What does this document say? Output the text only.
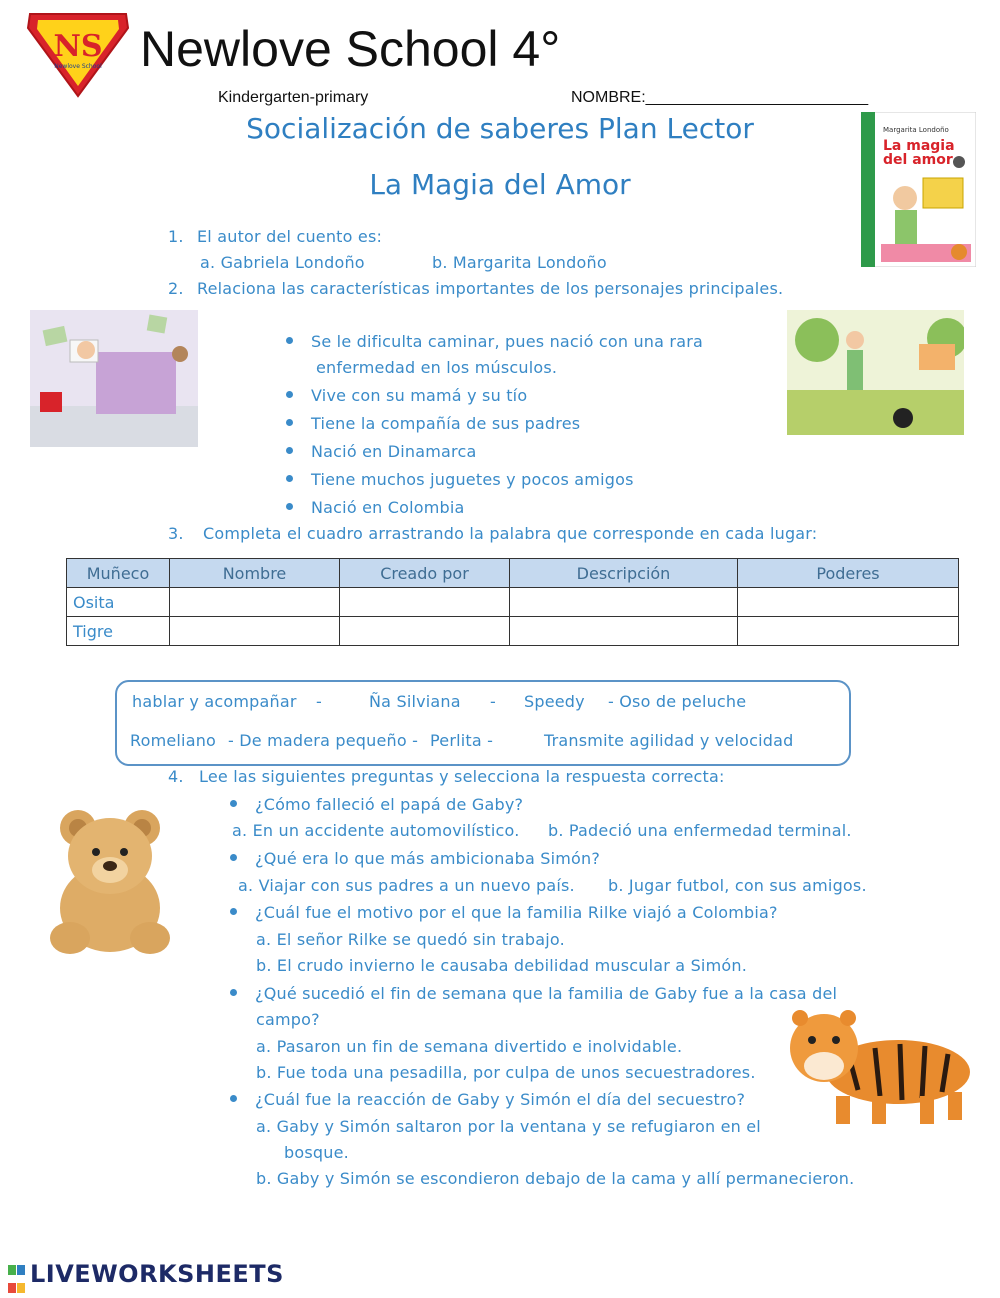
NS
Newlove School Newlove School 4°
Kindergarten-primary	NOMBRE:_________________________
Socialización de saberes Plan Lector
La Magia del Amor
Margarita Londoño
La magia
del amor
1. El autor del cuento es:
a. Gabriela Londoño	b. Margarita Londoño
2. Relaciona las características importantes de los personajes principales.
Se le dificulta caminar, pues nació con una rara
enfermedad en los músculos.
Vive con su mamá y su tío
Tiene la compañía de sus padres
Nació en Dinamarca
Tiene muchos juguetes y pocos amigos
Nació en Colombia
3. Completa el cuadro arrastrando la palabra que corresponde en cada lugar:
Muñeco	Nombre	Creado por	Descripción	Poderes
Osita				
Tigre				
hablar y acompañar -	Ña Silviana - Speedy - Oso de peluche
Romeliano - De madera pequeño - Perlita -	Transmite agilidad y velocidad
4. Lee las siguientes preguntas y selecciona la respuesta correcta:
¿Cómo falleció el papá de Gaby?
a. En un accidente automovilístico. b. Padeció una enfermedad terminal.
¿Qué era lo que más ambicionaba Simón?
a. Viajar con sus padres a un nuevo país. b. Jugar futbol, con sus amigos.
¿Cuál fue el motivo por el que la familia Rilke viajó a Colombia?
a. El señor Rilke se quedó sin trabajo.
b. El crudo invierno le causaba debilidad muscular a Simón.
¿Qué sucedió el fin de semana que la familia de Gaby fue a la casa del
campo?
a. Pasaron un fin de semana divertido e inolvidable.
b. Fue toda una pesadilla, por culpa de unos secuestradores.
¿Cuál fue la reacción de Gaby y Simón el día del secuestro?
a. Gaby y Simón saltaron por la ventana y se refugiaron en el
bosque.
b. Gaby y Simón se escondieron debajo de la cama y allí permanecieron.

LIVEWORKSHEETS
